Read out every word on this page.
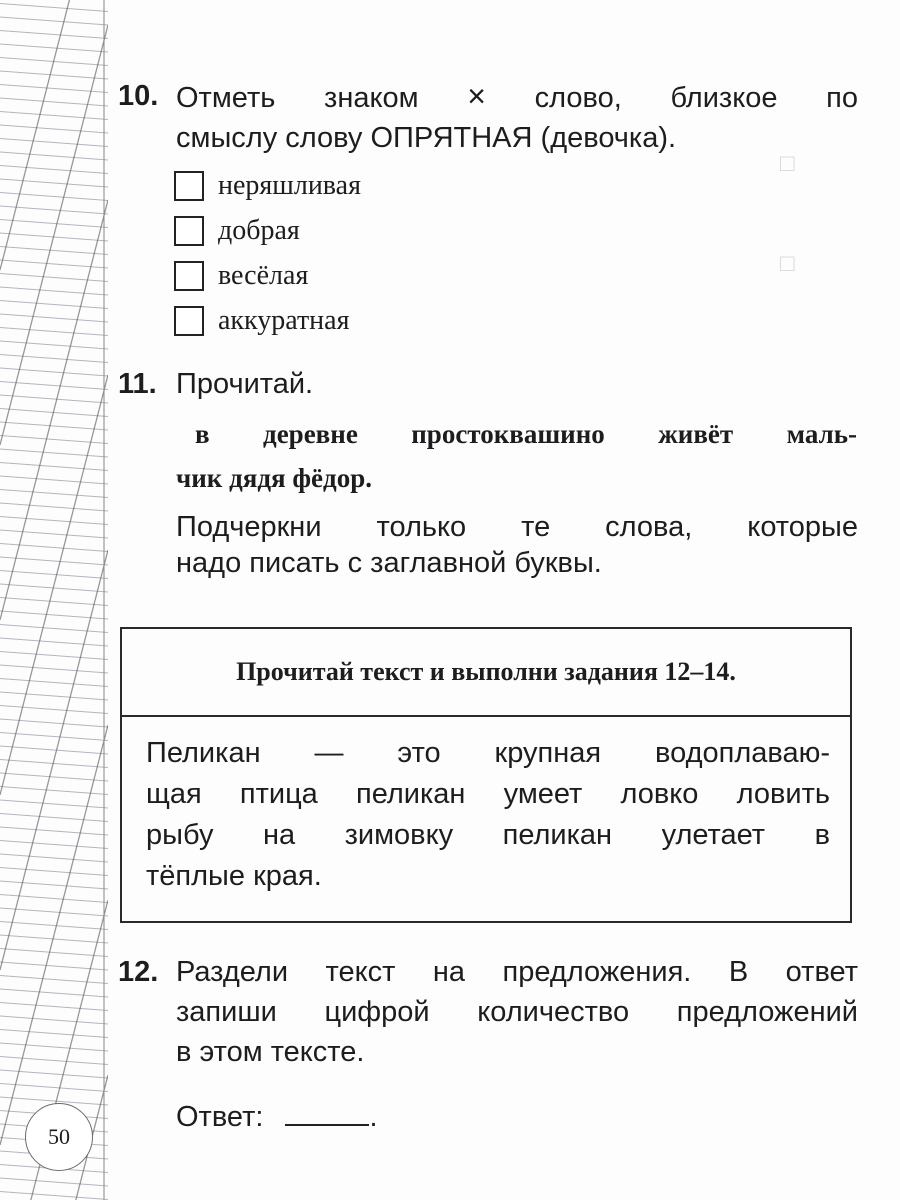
□
□
10. Отметь знаком × слово, близкое по
смыслу слову ОПРЯТНАЯ (девочка).
неряшливая
добрая
весёлая
аккуратная
11. Прочитай.
в деревне простоквашино живёт маль-
чик дядя фёдор.
Подчеркни только те слова, которые
надо писать с заглавной буквы.
Прочитай текст и выполни задания 12–14.
Пеликан — это крупная водоплаваю-
щая птица пеликан умеет ловко ловить
рыбу на зимовку пеликан улетает в
тёплые края.
12. Раздели текст на предложения. В ответ
запиши цифрой количество предложений
в этом тексте.
Ответ:	.
50
